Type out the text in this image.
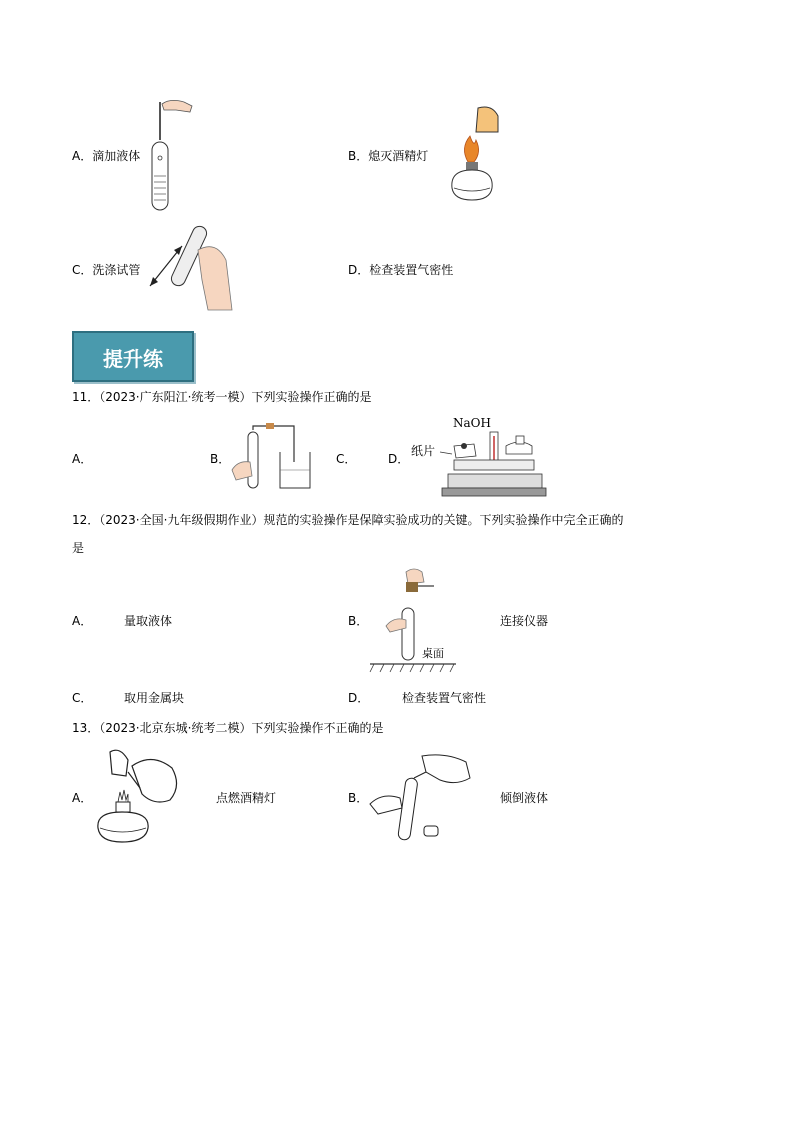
A．滴加液体	B．熄灭酒精灯
C．洗涤试管	D．检查装置气密性
提升练
11．（2023·广东阳江·统考一模）下列实验操作正确的是
A．	B．	C．	D．
NaOH
纸片
12．（2023·全国·九年级假期作业）规范的实验操作是保障实验成功的关键。下列实验操作中完全正确的
是
A．	量取液体	B．
桌面
连接仪器
C．	取用金属块	D．	检查装置气密性
13．（2023·北京东城·统考二模）下列实验操作不正确的是
A．	点燃酒精灯	B．	倾倒液体
